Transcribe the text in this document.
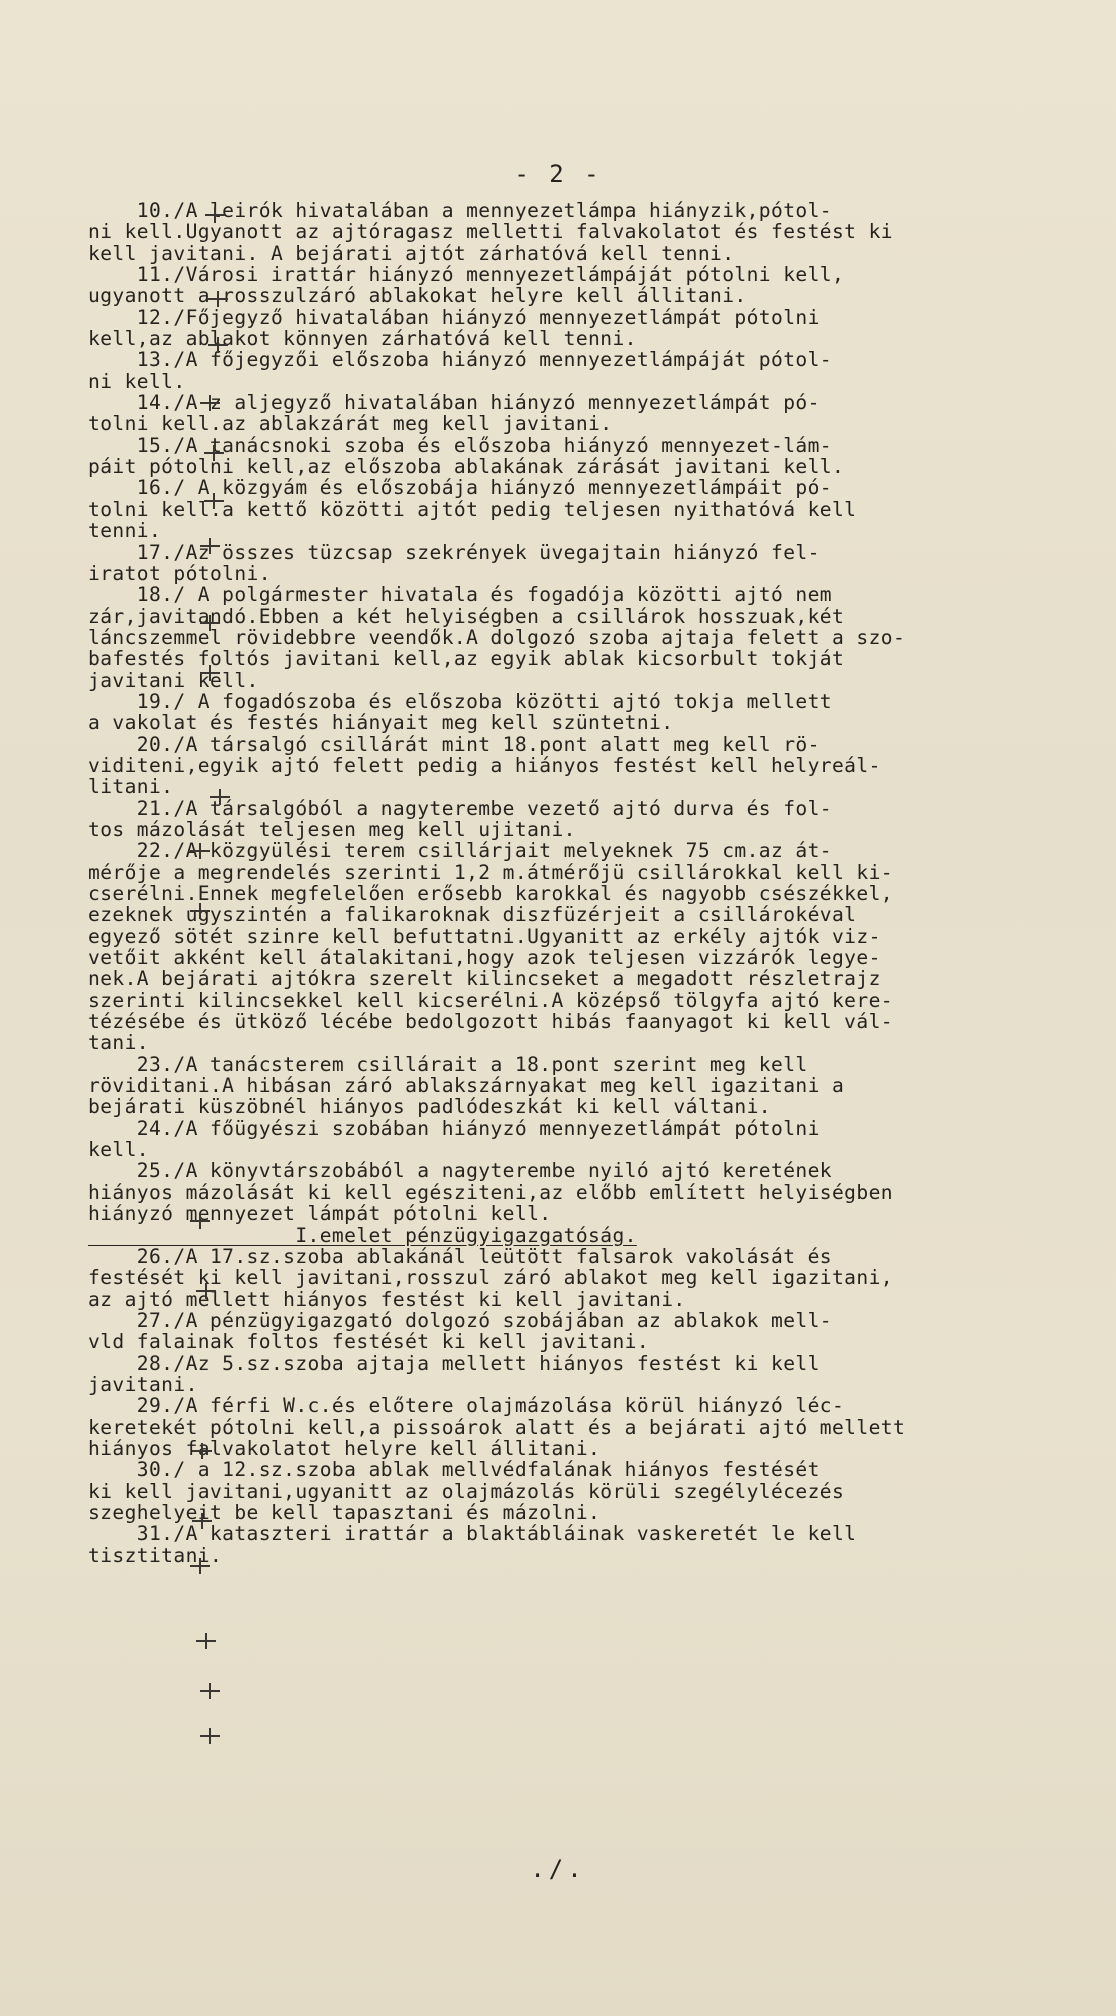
- 2 -
10./A leirók hivatalában a mennyezetlámpa hiányzik,pótol-
ni kell.Ugyanott az ajtóragasz melletti falvakolatot és festést ki
kell javitani. A bejárati ajtót zárhatóvá kell tenni.
11./Városi irattár hiányzó mennyezetlámpáját pótolni kell,
ugyanott a rosszulzáró ablakokat helyre kell állitani.
12./Főjegyző hivatalában hiányzó mennyezetlámpát pótolni
kell,az ablakot könnyen zárhatóvá kell tenni.
13./A főjegyzői előszoba hiányzó mennyezetlámpáját pótol-
ni kell.
14./A z aljegyző hivatalában hiányzó mennyezetlámpát pó-
tolni kell.az ablakzárát meg kell javitani.
15./A tanácsnoki szoba és előszoba hiányzó mennyezet-lám-
páit pótolni kell,az előszoba ablakának zárását javitani kell.
16./ A közgyám és előszobája hiányzó mennyezetlámpáit pó-
tolni kell.a kettő közötti ajtót pedig teljesen nyithatóvá kell
tenni.
17./Az összes tüzcsap szekrények üvegajtain hiányzó fel-
iratot pótolni.
18./ A polgármester hivatala és fogadója közötti ajtó nem
zár,javitandó.Ebben a két helyiségben a csillárok hosszuak,két
láncszemmel rövidebbre veendők.A dolgozó szoba ajtaja felett a szo-
bafestés foltós javitani kell,az egyik ablak kicsorbult tokját
javitani kell.
19./ A fogadószoba és előszoba közötti ajtó tokja mellett
a vakolat és festés hiányait meg kell szüntetni.
20./A társalgó csillárát mint 18.pont alatt meg kell rö-
viditeni,egyik ajtó felett pedig a hiányos festést kell helyreál-
litani.
21./A társalgóból a nagyterembe vezető ajtó durva és fol-
tos mázolását teljesen meg kell ujitani.
22./A közgyülési terem csillárjait melyeknek 75 cm.az át-
mérője a megrendelés szerinti 1,2 m.átmérőjü csillárokkal kell ki-
cserélni.Ennek megfelelően erősebb karokkal és nagyobb csészékkel,
ezeknek ugyszintén a falikaroknak diszfüzérjeit a csillárokéval
egyező sötét szinre kell befuttatni.Ugyanitt az erkély ajtók viz-
vetőit akként kell átalakitani,hogy azok teljesen vizzárók legye-
nek.A bejárati ajtókra szerelt kilincseket a megadott részletrajz
szerinti kilincsekkel kell kicserélni.A középső tölgyfa ajtó kere-
tézésébe és ütköző lécébe bedolgozott hibás faanyagot ki kell vál-
tani.
23./A tanácsterem csillárait a 18.pont szerint meg kell
röviditani.A hibásan záró ablakszárnyakat meg kell igazitani a
bejárati küszöbnél hiányos padlódeszkát ki kell váltani.
24./A főügyészi szobában hiányzó mennyezetlámpát pótolni
kell.
25./A könyvtárszobából a nagyterembe nyiló ajtó keretének
hiányos mázolását ki kell egésziteni,az előbb említett helyiségben
hiányzó mennyezet lámpát pótolni kell.
I.emelet pénzügyigazgatóság.
26./A 17.sz.szoba ablakánál leütött falsarok vakolását és
festését ki kell javitani,rosszul záró ablakot meg kell igazitani,
az ajtó mellett hiányos festést ki kell javitani.
27./A pénzügyigazgató dolgozó szobájában az ablakok mell-
vld falainak foltos festését ki kell javitani.
28./Az 5.sz.szoba ajtaja mellett hiányos festést ki kell
javitani.
29./A férfi W.c.és előtere olajmázolása körül hiányzó léc-
keretekét pótolni kell,a pissoárok alatt és a bejárati ajtó mellett
hiányos falvakolatot helyre kell állitani.
30./ a 12.sz.szoba ablak mellvédfalának hiányos festését
ki kell javitani,ugyanitt az olajmázolás körüli szegélylécezés
szeghelyeit be kell tapasztani és mázolni.
31./A kataszteri irattár a blaktábláinak vaskeretét le kell
tisztitani.
./.
